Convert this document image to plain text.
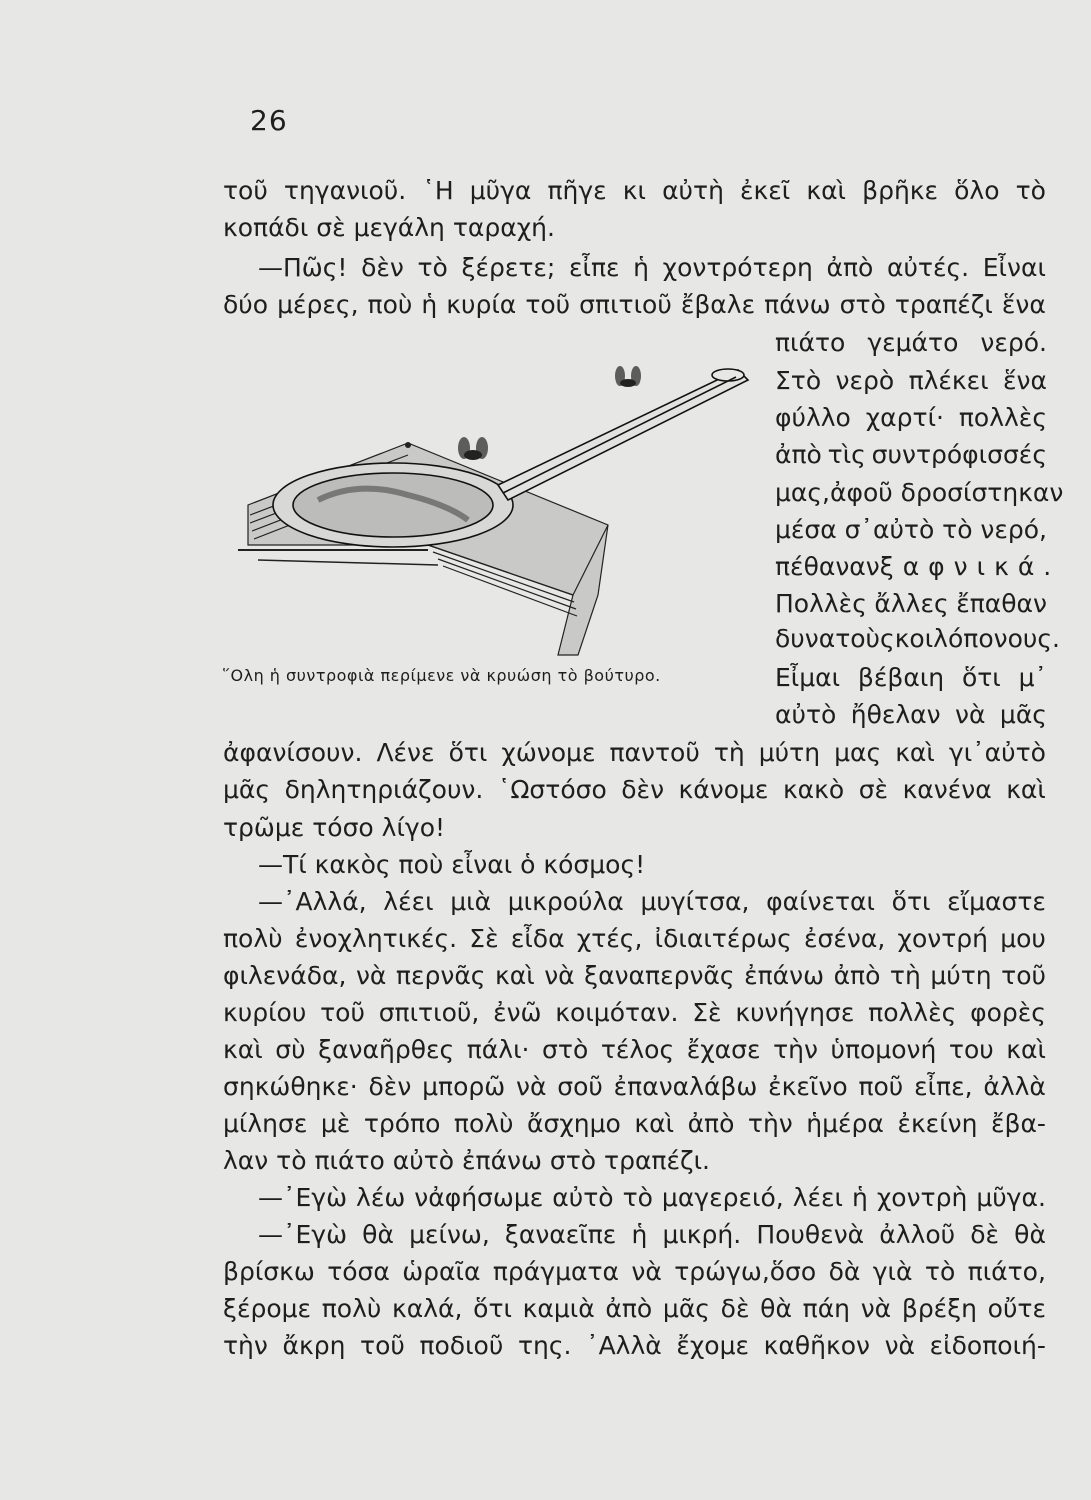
26
τοῦ τηγανιοῦ. ῾Η μῦγα πῆγε κι αὐτὴ ἐκεῖ καὶ βρῆκε ὅλο τὸ
κοπάδι σὲ μεγάλη ταραχή.
—Πῶς! δὲν τὸ ξέρετε; εἶπε ἡ χοντρότερη ἀπὸ αὐτές. Εἶναι
δύο μέρες, ποὺ ἡ κυρία τοῦ σπιτιοῦ ἔβαλε πάνω στὸ τραπέζι ἕνα
πιάτο γεμάτο νερό.
Στὸ νερὸ πλέκει ἕνα
φύλλο χαρτί· πολλὲς
ἀπὸ τὶς συντρόφισσές
μας,ἀφοῦ δροσίστηκαν
μέσα σ᾽αὐτὸ τὸ νερό,
πέθαναν ξαφνικά.
Πολλὲς ἄλλες ἔπαθαν
δυνατοὺςκοιλόπονους.
Εἶμαι βέβαιη ὅτι μ᾽
αὐτὸ ἤθελαν νὰ μᾶς
῞Ολη ἡ συντροφιὰ περίμενε νὰ κρυώση τὸ βούτυρο.
ἀφανίσουν. Λένε ὅτι χώνομε παντοῦ τὴ μύτη μας καὶ γι᾽αὐτὸ
μᾶς δηλητηριάζουν. ῾Ωστόσο δὲν κάνομε κακὸ σὲ κανένα καὶ
τρῶμε τόσο λίγο!
—Τί κακὸς ποὺ εἶναι ὁ κόσμος!
—᾽Αλλά, λέει μιὰ μικρούλα μυγίτσα, φαίνεται ὅτι εἴμαστε
πολὺ ἐνοχλητικές. Σὲ εἶδα χτές, ἰδιαιτέρως ἐσένα, χοντρή μου
φιλενάδα, νὰ περνᾶς καὶ νὰ ξαναπερνᾶς ἐπάνω ἀπὸ τὴ μύτη τοῦ
κυρίου τοῦ σπιτιοῦ, ἐνῶ κοιμόταν. Σὲ κυνήγησε πολλὲς φορὲς
καὶ σὺ ξαναῆρθες πάλι· στὸ τέλος ἔχασε τὴν ὑπομονή του καὶ
σηκώθηκε· δὲν μπορῶ νὰ σοῦ ἐπαναλάβω ἐκεῖνο ποῦ εἶπε, ἀλλὰ
μίλησε μὲ τρόπο πολὺ ἄσχημο καὶ ἀπὸ τὴν ἡμέρα ἐκείνη ἔβα-
λαν τὸ πιάτο αὐτὸ ἐπάνω στὸ τραπέζι.
—᾽Εγὼ λέω νἀφήσωμε αὐτὸ τὸ μαγερειό, λέει ἡ χοντρὴ μῦγα.
—᾽Εγὼ θὰ μείνω, ξαναεῖπε ἡ μικρή. Πουθενὰ ἀλλοῦ δὲ θὰ
βρίσκω τόσα ὡραῖα πράγματα νὰ τρώγω,ὅσο δὰ γιὰ τὸ πιάτο,
ξέρομε πολὺ καλά, ὅτι καμιὰ ἀπὸ μᾶς δὲ θὰ πάη νὰ βρέξη οὔτε
τὴν ἄκρη τοῦ ποδιοῦ της. ᾽Αλλὰ ἔχομε καθῆκον νὰ εἰδοποιή-
